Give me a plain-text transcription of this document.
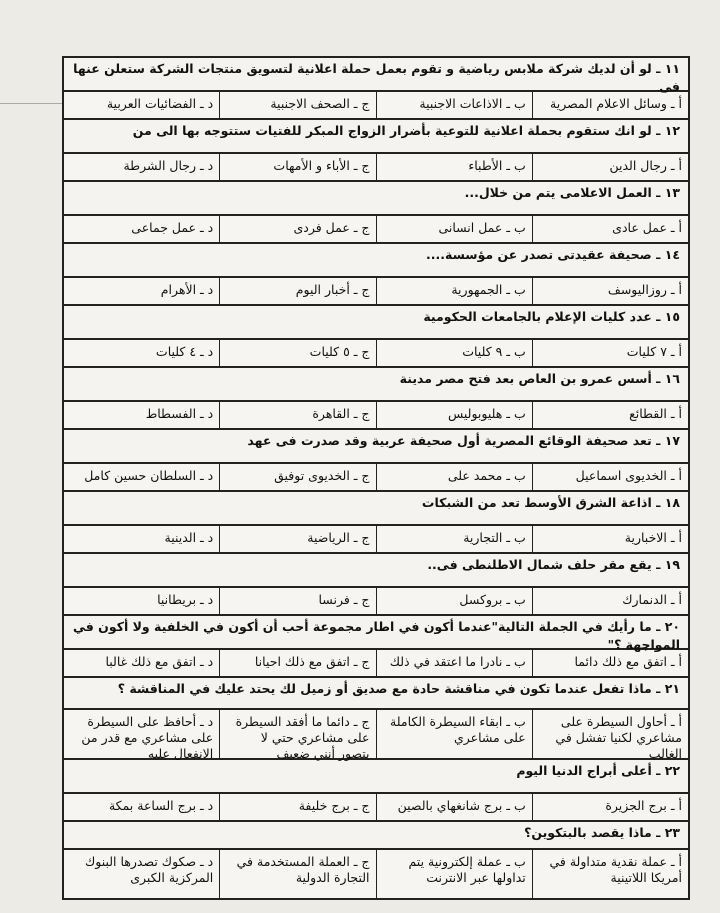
١١ ـ لو أن لديك شركة ملابس رياضية و تقوم بعمل حملة اعلانية لتسويق منتجات الشركة ستعلن عنها فى
أ ـ وسائل الاعلام المصرية
ب ـ الاذاعات الاجنبية
ج ـ الصحف الاجنبية
د ـ الفضائيات العربية
١٢ ـ لو انك ستقوم بحملة اعلانية للتوعية بأضرار الزواج المبكر للفتيات ستتوجه بها الى من
أ ـ رجال الدين
ب ـ الأطباء
ج ـ الأباء و الأمهات
د ـ رجال الشرطة
١٣ ـ العمل الاعلامى يتم من خلال...
أ ـ عمل عادى
ب ـ عمل انسانى
ج ـ عمل فردى
د ـ عمل جماعى
١٤ ـ صحيفة عقيدتى تصدر عن مؤسسة....
أ ـ روزاليوسف
ب ـ الجمهورية
ج ـ أخبار اليوم
د ـ الأهرام
١٥ ـ عدد كليات الإعلام بالجامعات الحكومية
أ ـ ٧ كليات
ب ـ ٩ كليات
ج ـ ٥ كليات
د ـ ٤ كليات
١٦ ـ أسس عمرو بن العاص بعد فتح مصر مدينة
أ ـ القطائع
ب ـ هليوبوليس
ج ـ القاهرة
د ـ الفسطاط
١٧ ـ تعد صحيفة الوقائع المصرية أول صحيفة عربية وقد صدرت فى عهد
أ ـ الخديوى اسماعيل
ب ـ محمد على
ج ـ الخديوى توفيق
د ـ السلطان حسين كامل
١٨ ـ اذاعة الشرق الأوسط تعد من الشبكات
أ ـ الاخبارية
ب ـ التجارية
ج ـ الرياضية
د ـ الدينية
١٩ ـ يقع مقر حلف شمال الاطلنطى فى..
أ ـ الدنمارك
ب ـ بروكسل
ج ـ فرنسا
د ـ بريطانيا
٢٠ ـ ما رأيك في الجملة التالية"عندما أكون في اطار مجموعة أحب أن أكون في الخلفية ولا أكون في المواجهة ؟"
أ ـ اتفق مع ذلك دائما
ب ـ نادرا ما اعتقد في ذلك
ج ـ اتفق مع ذلك احيانا
د ـ اتفق مع ذلك غالبا
٢١ ـ ماذا تفعل عندما تكون في مناقشة حادة مع صديق أو زميل لك يحتد عليك في المناقشة ؟
أ ـ أحاول السيطرة على مشاعري لكنيا تفشل في الغالب
ب ـ ابقاء السيطرة الكاملة على مشاعري
ج ـ دائما ما أفقد السيطرة على مشاعري حتي لا يتصور أنني ضعيف
د ـ أحافظ على السيطرة على مشاعري مع قدر من الانفعال عليه
٢٢ ـ أعلى أبراج الدنيا اليوم
أ ـ برج الجزيرة
ب ـ برج شانغهاي بالصين
ج ـ برج خليفة
د ـ برج الساعة بمكة
٢٣ ـ ماذا يقصد بالبتكوين؟
أ ـ عملة نقدية متداولة في أمريكا اللاتينية
ب ـ عملة إلكترونية يتم تداولها عبر الانترنت
ج ـ العملة المستخدمة في التجارة الدولية
د ـ صكوك تصدرها البنوك المركزية الكبرى
